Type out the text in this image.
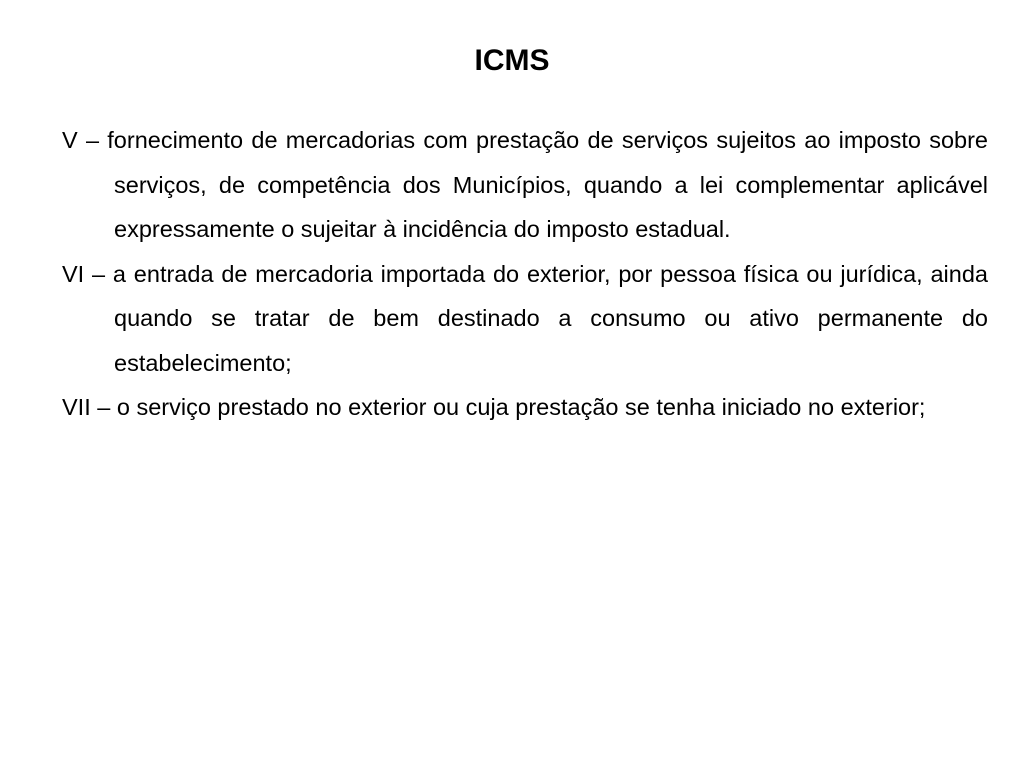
ICMS

V – fornecimento de mercadorias com prestação de serviços sujeitos ao imposto sobre serviços, de competência dos Municípios, quando a lei complementar aplicável expressamente o sujeitar à incidência do imposto estadual.

VI – a entrada de mercadoria importada do exterior, por pessoa física ou jurídica, ainda quando se tratar de bem destinado a consumo ou ativo permanente do estabelecimento;

VII – o serviço prestado no exterior ou cuja prestação se tenha iniciado no exterior;
